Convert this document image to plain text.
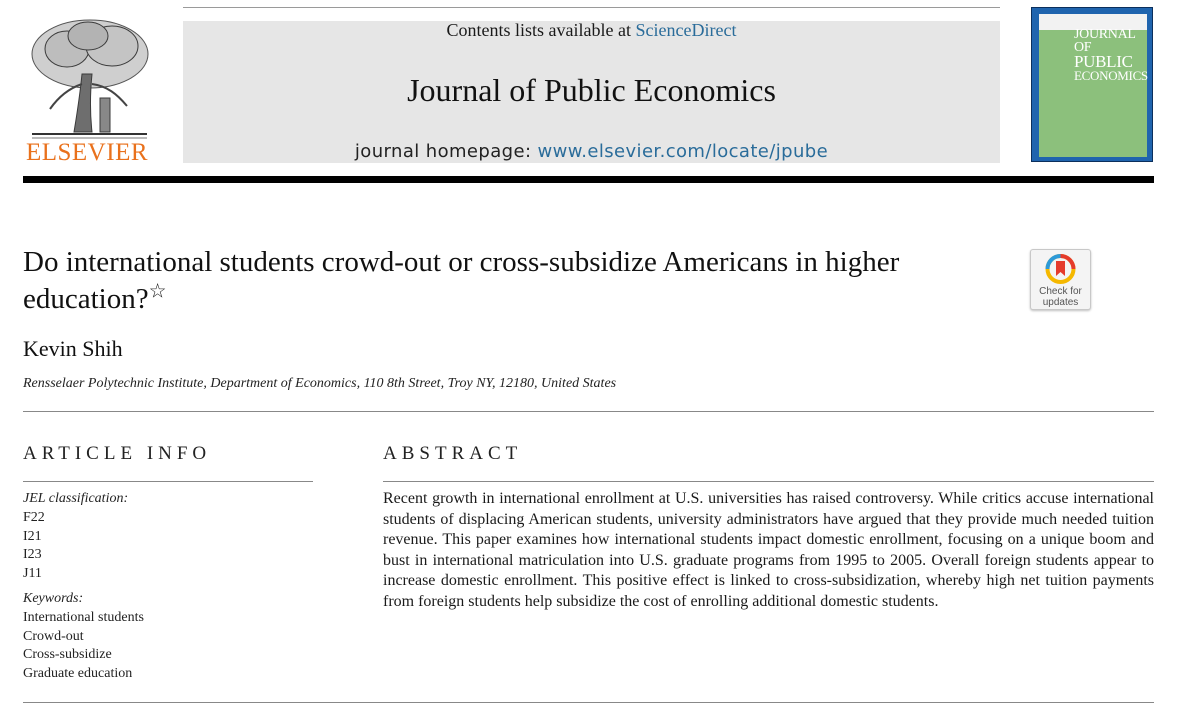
ELSEVIER
Contents lists available at ScienceDirect
Journal of Public Economics
journal homepage: www.elsevier.com/locate/jpube
JOURNAL OF
PUBLIC
ECONOMICS
Do international students crowd-out or cross-subsidize Americans in higher education?☆	Check for
updates
Kevin Shih
Rensselaer Polytechnic Institute, Department of Economics, 110 8th Street, Troy NY, 12180, United States
ARTICLE INFO
JEL classification:
F22
I21
I23
J11
Keywords:
International students
Crowd-out
Cross-subsidize
Graduate education
ABSTRACT
Recent growth in international enrollment at U.S. universities has raised controversy. While critics accuse international students of displacing American students, university administrators have argued that they provide much needed tuition revenue. This paper examines how international students impact domestic enrollment, focusing on a unique boom and bust in international matriculation into U.S. graduate programs from 1995 to 2005. Overall foreign students appear to increase domestic enrollment. This positive effect is linked to cross-subsidization, whereby high net tuition payments from foreign students help subsidize the cost of enrolling additional domestic students.
